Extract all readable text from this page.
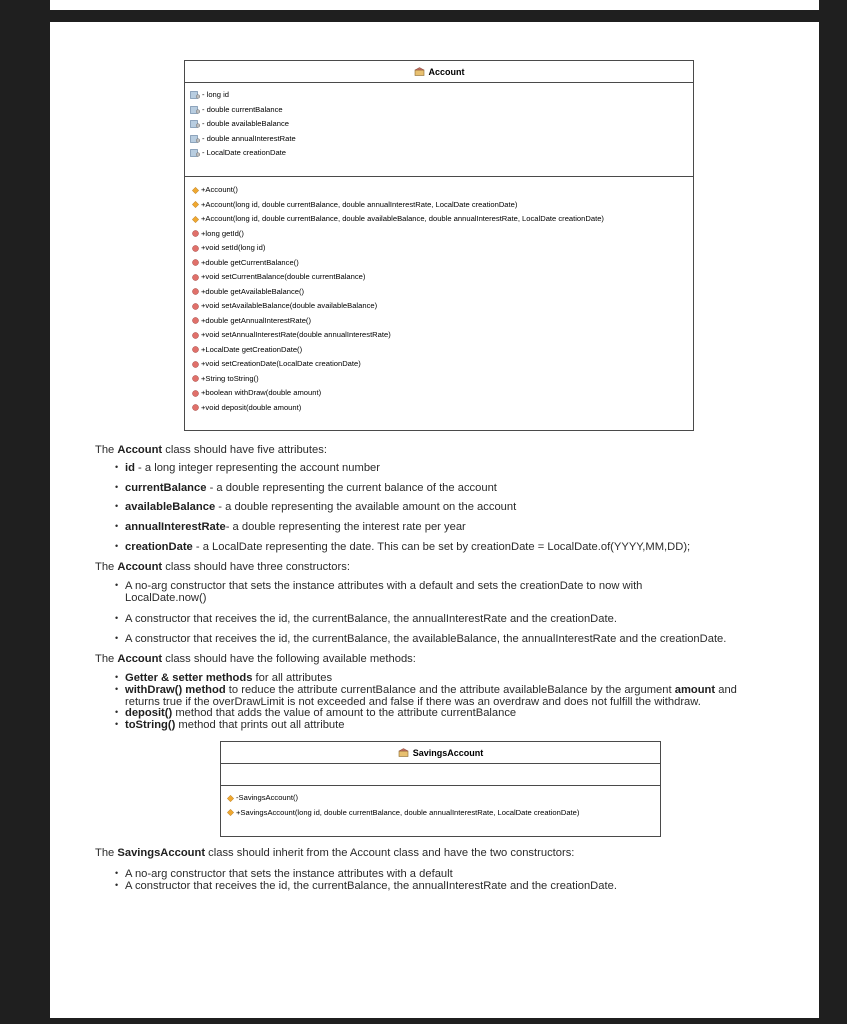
Account
- long id
- double currentBalance
- double availableBalance
- double annualInterestRate
- LocalDate creationDate
+Account()
+Account(long id, double currentBalance, double annualInterestRate, LocalDate creationDate)
+Account(long id, double currentBalance, double availableBalance, double annualInterestRate, LocalDate creationDate)
+long getId()
+void setId(long id)
+double getCurrentBalance()
+void setCurrentBalance(double currentBalance)
+double getAvailableBalance()
+void setAvailableBalance(double availableBalance)
+double getAnnualInterestRate()
+void setAnnualInterestRate(double annualInterestRate)
+LocalDate getCreationDate()
+void setCreationDate(LocalDate creationDate)
+String toString()
+boolean withDraw(double amount)
+void deposit(double amount)
The Account class should have five attributes:
• id - a long integer representing the account number
• currentBalance - a double representing the current balance of the account
• availableBalance - a double representing the available amount on the account
• annualInterestRate- a double representing the interest rate per year
• creationDate - a LocalDate representing the date. This can be set by creationDate = LocalDate.of(YYYY,MM,DD);
The Account class should have three constructors:
• A no-arg constructor that sets the instance attributes with a default and sets the creationDate to now with
LocalDate.now()
• A constructor that receives the id, the currentBalance, the annualInterestRate and the creationDate.
• A constructor that receives the id, the currentBalance, the availableBalance, the annualInterestRate and the creationDate.
The Account class should have the following available methods:
• Getter & setter methods for all attributes
• withDraw() method to reduce the attribute currentBalance and the attribute availableBalance by the argument amount and
returns true if the overDrawLimit is not exceeded and false if there was an overdraw and does not fulfill the withdraw.
• deposit() method that adds the value of amount to the attribute currentBalance
• toString() method that prints out all attribute
SavingsAccount
-SavingsAccount()
+SavingsAccount(long id, double currentBalance, double annualInterestRate, LocalDate creationDate)
The SavingsAccount class should inherit from the Account class and have the two constructors:
• A no-arg constructor that sets the instance attributes with a default
• A constructor that receives the id, the currentBalance, the annualInterestRate and the creationDate.
